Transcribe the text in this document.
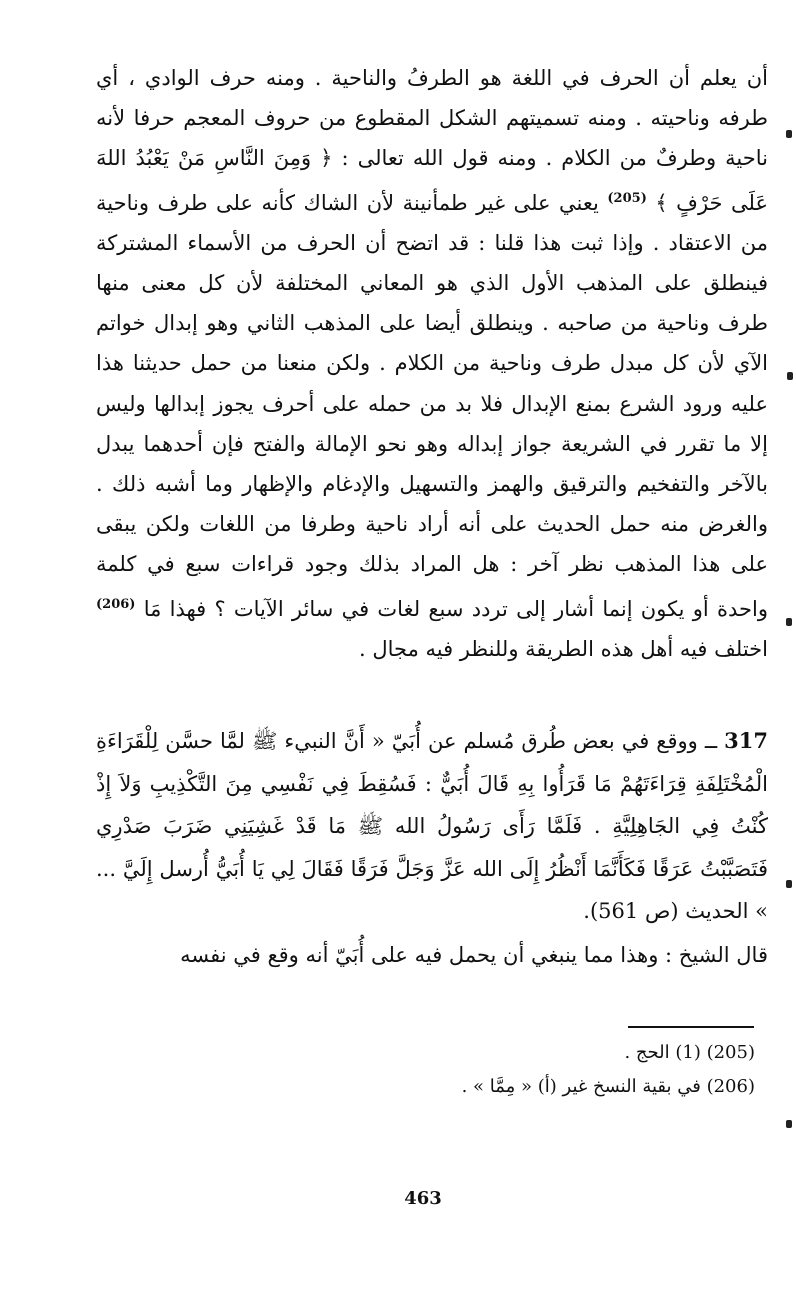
أن يعلم أن الحرف في اللغة هو الطرفُ والناحية . ومنه حرف الوادي ، أي طرفه وناحيته . ومنه تسميتهم الشكل المقطوع من حروف المعجم حرفا لأنه ناحية وطرفٌ من الكلام . ومنه قول الله تعالى : ﴿ وَمِنَ النَّاسِ مَنْ يَعْبُدُ اللهَ عَلَى حَرْفٍ ﴾ $^{(205)}$ يعني على غير طمأنينة لأن الشاك كأنه على طرف وناحية من الاعتقاد . وإذا ثبت هذا قلنا : قد اتضح أن الحرف من الأسماء المشتركة فينطلق على المذهب الأول الذي هو المعاني المختلفة لأن كل معنى منها طرف وناحية من صاحبه . وينطلق أيضا على المذهب الثاني وهو إبدال خواتم الآي لأن كل مبدل طرف وناحية من الكلام . ولكن منعنا من حمل حديثنا هذا عليه ورود الشرع بمنع الإبدال فلا بد من حمله على أحرف يجوز إبدالها وليس إلا ما تقرر في الشريعة جواز إبداله وهو نحو الإمالة والفتح فإن أحدهما يبدل بالآخر والتفخيم والترقيق والهمز والتسهيل والإدغام والإظهار وما أشبه ذلك . والغرض منه حمل الحديث على أنه أراد ناحية وطرفا من اللغات ولكن يبقى على هذا المذهب نظر آخر : هل المراد بذلك وجود قراءات سبع في كلمة واحدة أو يكون إنما أشار إلى تردد سبع لغات في سائر الآيات ؟ فهذا مَا $^{(206)}$ اختلف فيه أهل هذه الطريقة وللنظر فيه مجال .
317 ــ ووقع في بعض طُرق مُسلم عن أُبَيّ « أَنَّ النبيء ﷺ لمَّا حسَّن لِلْقَرَاءَةِ الْمُخْتَلِفَةِ قِرَاءَتَهُمْ مَا قَرَأُوا بِهِ قَالَ أُبَيٌّ : فَسُقِطَ فِي نَفْسِي مِنَ التَّكْذِيبِ وَلاَ إِذْ كُنْتُ فِي الجَاهِلِيَّةِ . فَلَمَّا رَأَى رَسُولُ الله ﷺ مَا قَدْ غَشِيَنِي ضَرَبَ صَدْرِي فَتَصَبَّبْتُ عَرَقًا فَكَأَنَّمَا أَنْظُرُ إِلَى الله عَزَّ وَجَلَّ فَرَقًا فَقَالَ لِي يَا أُبَيُّ أُرسل إِلَيَّ ... » الحديث (ص 561).
قال الشيخ : وهذا مما ينبغي أن يحمل فيه على أُبَيّ أنه وقع في نفسه
(205) (1) الحج .
(206) في بقية النسخ غير (أ) « مِمَّا » .
463
